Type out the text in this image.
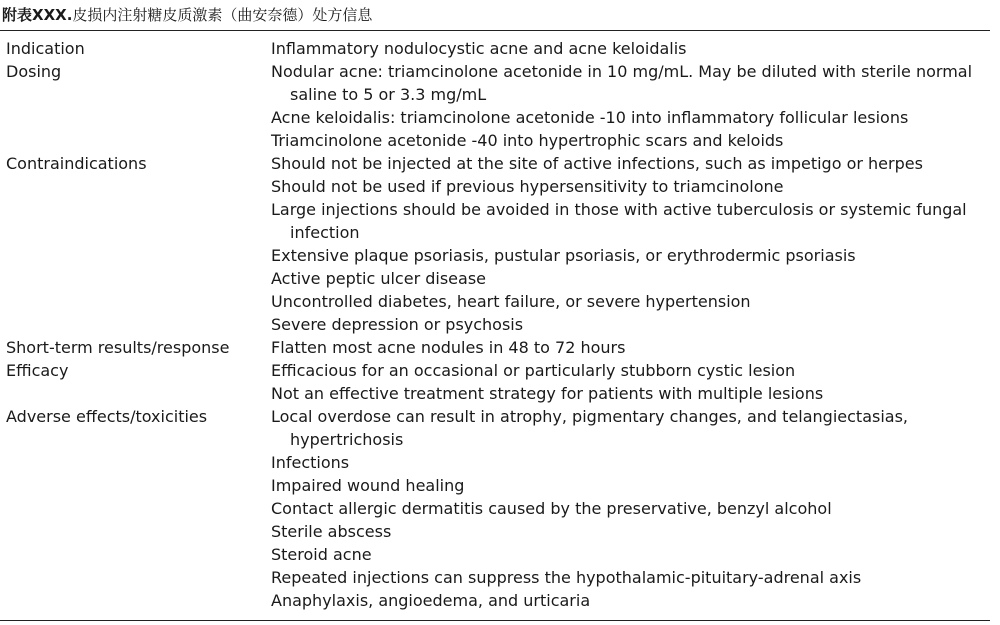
附表XXX.皮损内注射糖皮质激素（曲安奈德）处方信息
Indication	Inflammatory nodulocystic acne and acne keloidalis
Dosing	Nodular acne: triamcinolone acetonide in 10 mg/mL. May be diluted with sterile normal saline to 5 or 3.3 mg/mL
Acne keloidalis: triamcinolone acetonide -10 into inflammatory follicular lesions
Triamcinolone acetonide -40 into hypertrophic scars and keloids
Contraindications	Should not be injected at the site of active infections, such as impetigo or herpes
Should not be used if previous hypersensitivity to triamcinolone
Large injections should be avoided in those with active tuberculosis or systemic fungal infection
Extensive plaque psoriasis, pustular psoriasis, or erythrodermic psoriasis
Active peptic ulcer disease
Uncontrolled diabetes, heart failure, or severe hypertension
Severe depression or psychosis
Short-term results/response	Flatten most acne nodules in 48 to 72 hours
Efficacy	Efficacious for an occasional or particularly stubborn cystic lesion
Not an effective treatment strategy for patients with multiple lesions
Adverse effects/toxicities	Local overdose can result in atrophy, pigmentary changes, and telangiectasias, hypertrichosis
Infections
Impaired wound healing
Contact allergic dermatitis caused by the preservative, benzyl alcohol
Sterile abscess
Steroid acne
Repeated injections can suppress the hypothalamic-pituitary-adrenal axis
Anaphylaxis, angioedema, and urticaria
